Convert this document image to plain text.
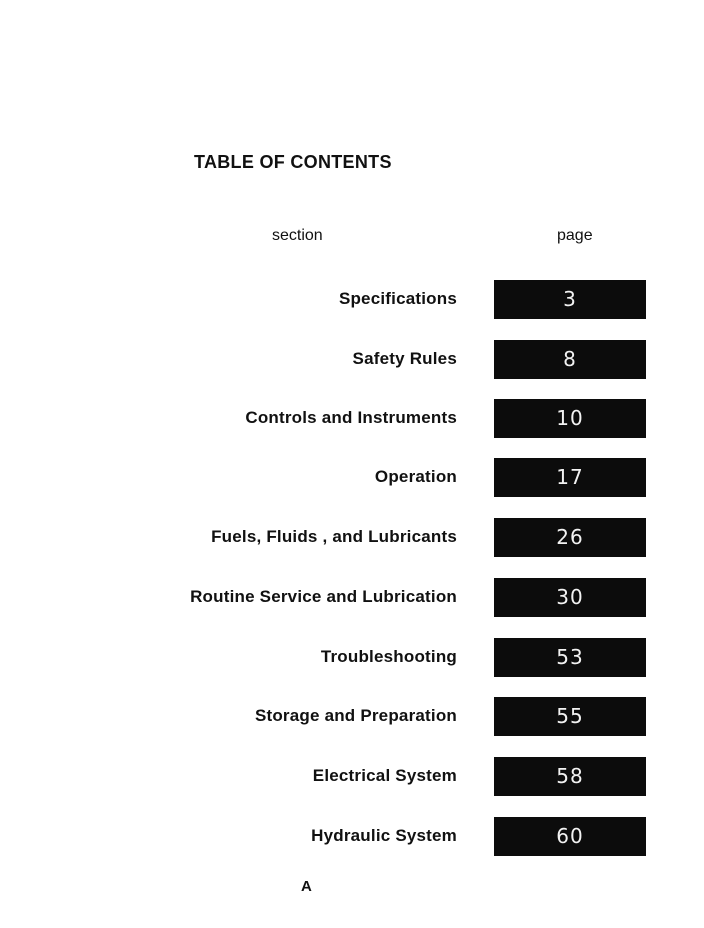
TABLE OF CONTENTS
section	page
Specifications	3
Safety Rules	8
Controls and Instruments	10
Operation	17
Fuels, Fluids , and Lubricants	26
Routine Service and Lubrication	30
Troubleshooting	53
Storage and Preparation	55
Electrical System	58
Hydraulic System	60
A
